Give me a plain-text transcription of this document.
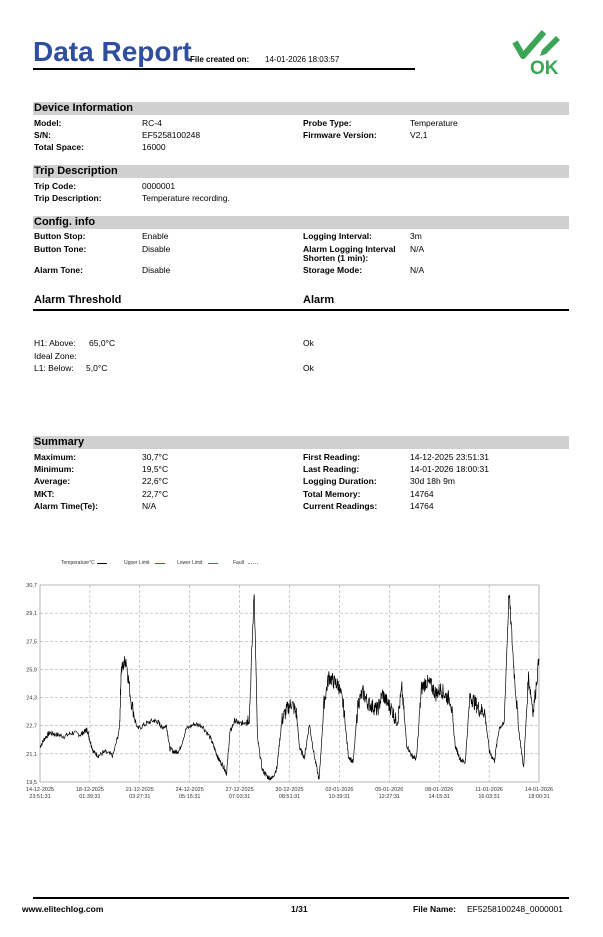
Data Report
File created on: 14-01-2026 18:03:57	OK
Device Information
Model:	RC-4
S/N:	EF5258100248
Total Space:	16000
Probe Type:	Temperature
Firmware Version:	V2,1
Trip Description
Trip Code:	0000001
Trip Description:	Temperature recording.
Config. info
Button Stop:	Enable
Button Tone:	Disable
Alarm Tone:	Disable
Logging Interval:	3m
Alarm Logging Interval
Shorten (1 min):
N/A
Storage Mode:	N/A
Alarm Threshold	Alarm
H1: Above: 65,0°C	Ok
Ideal Zone:
L1: Below: 5,0°C	Ok
Summary
Maximum:	30,7°C
Minimum:	19,5°C
Average:	22,6°C
MKT:	22,7°C
Alarm Time(Te):	N/A
First Reading:	14-12-2025 23:51:31
Last Reading:	14-01-2026 18:00:31
Logging Duration:	30d 18h 9m
Total Memory:	14764
Current Readings:	14764
Temperature°C	Upper Limit	Lower Limit	Fault
30,7
29,1
27,5
25,9
24,3
22,7
21,1
19,5
14-12-2025
23:51:31
18-12-2025
01:39:31
21-12-2025
03:27:31
24-12-2025
05:15:31
27-12-2025
07:03:31
30-12-2025
08:51:31
02-01-2026
10:39:31
05-01-2026
12:27:31
08-01-2026
14:15:31
11-01-2026
16:03:31
14-01-2026
18:00:31
www.elitechlog.com	1/31	File Name: EF5258100248_0000001
